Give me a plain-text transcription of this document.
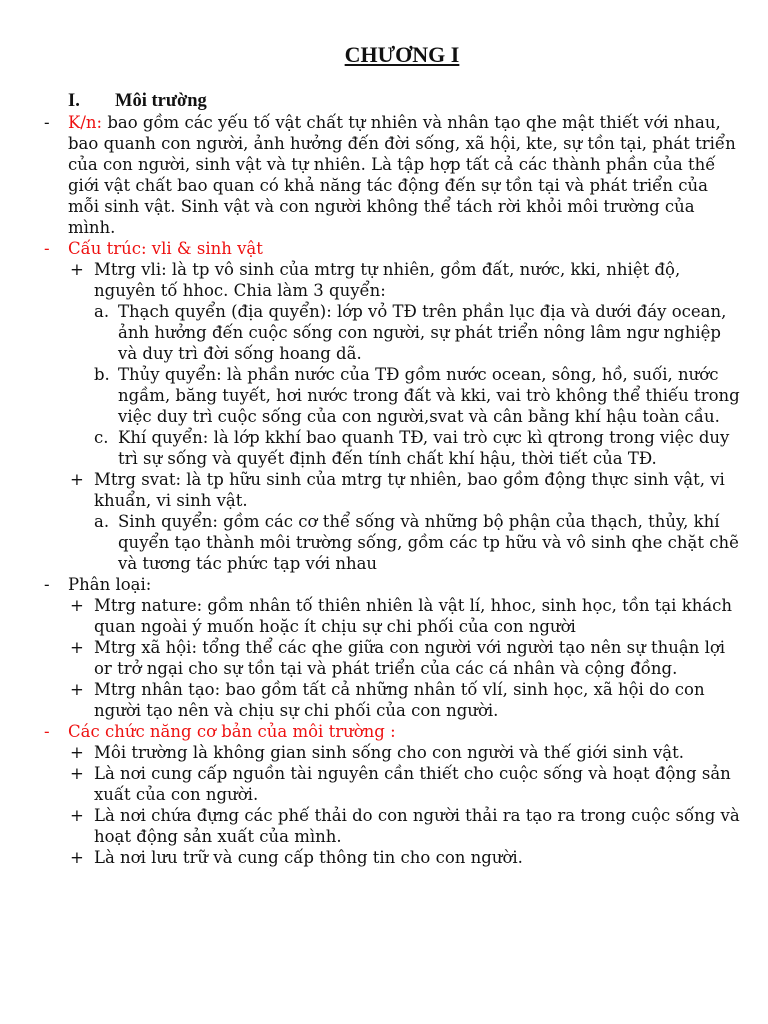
CHƯƠNG I
I. Môi trường
- K/n: bao gồm các yếu tố vật chất tự nhiên và nhân tạo qhe mật thiết với nhau, bao quanh con người, ảnh hưởng đến đời sống, xã hội, kte, sự tồn tại, phát triển của con người, sinh vật và tự nhiên. Là tập hợp tất cả các thành phần của thế giới vật chất bao quan có khả năng tác động đến sự tồn tại và phát triển của mỗi sinh vật. Sinh vật và con người không thể tách rời khỏi môi trường của mình.
- Cấu trúc: vli & sinh vật
+ Mtrg vli: là tp vô sinh của mtrg tự nhiên, gồm đất, nước, kki, nhiệt độ, nguyên tố hhoc. Chia làm 3 quyển:
a. Thạch quyển (địa quyển): lớp vỏ TĐ trên phần lục địa và dưới đáy ocean, ảnh hưởng đến cuộc sống con người, sự phát triển nông lâm ngư nghiệp và duy trì đời sống hoang dã.
b. Thủy quyển: là phần nước của TĐ gồm nước ocean, sông, hồ, suối, nước ngầm, băng tuyết, hơi nước trong đất và kki, vai trò không thể thiếu trong việc duy trì cuộc sống của con người,svat và cân bằng khí hậu toàn cầu.
c. Khí quyển: là lớp kkhí bao quanh TĐ, vai trò cực kì qtrong trong việc duy trì sự sống và quyết định đến tính chất khí hậu, thời tiết của TĐ.
+ Mtrg svat: là tp hữu sinh của mtrg tự nhiên, bao gồm động thực sinh vật, vi khuẩn, vi sinh vật.
a. Sinh quyển: gồm các cơ thể sống và những bộ phận của thạch, thủy, khí quyển tạo thành môi trường sống, gồm các tp hữu và vô sinh qhe chặt chẽ và tương tác phức tạp với nhau
- Phân loại:
+ Mtrg nature: gồm nhân tố thiên nhiên là vật lí, hhoc, sinh học, tồn tại khách quan ngoài ý muốn hoặc ít chịu sự chi phối của con người
+ Mtrg xã hội: tổng thể các qhe giữa con người với người tạo nên sự thuận lợi or trở ngại cho sự tồn tại và phát triển của các cá nhân và cộng đồng.
+ Mtrg nhân tạo: bao gồm tất cả những nhân tố vlí, sinh học, xã hội do con người tạo nên và chịu sự chi phối của con người.
- Các chức năng cơ bản của môi trường :
+ Môi trường là không gian sinh sống cho con người và thế giới sinh vật.
+ Là nơi cung cấp nguồn tài nguyên cần thiết cho cuộc sống và hoạt động sản xuất của con người.
+ Là nơi chứa đựng các phế thải do con người thải ra tạo ra trong cuộc sống và hoạt động sản xuất của mình.
+ Là nơi lưu trữ và cung cấp thông tin cho con người.
